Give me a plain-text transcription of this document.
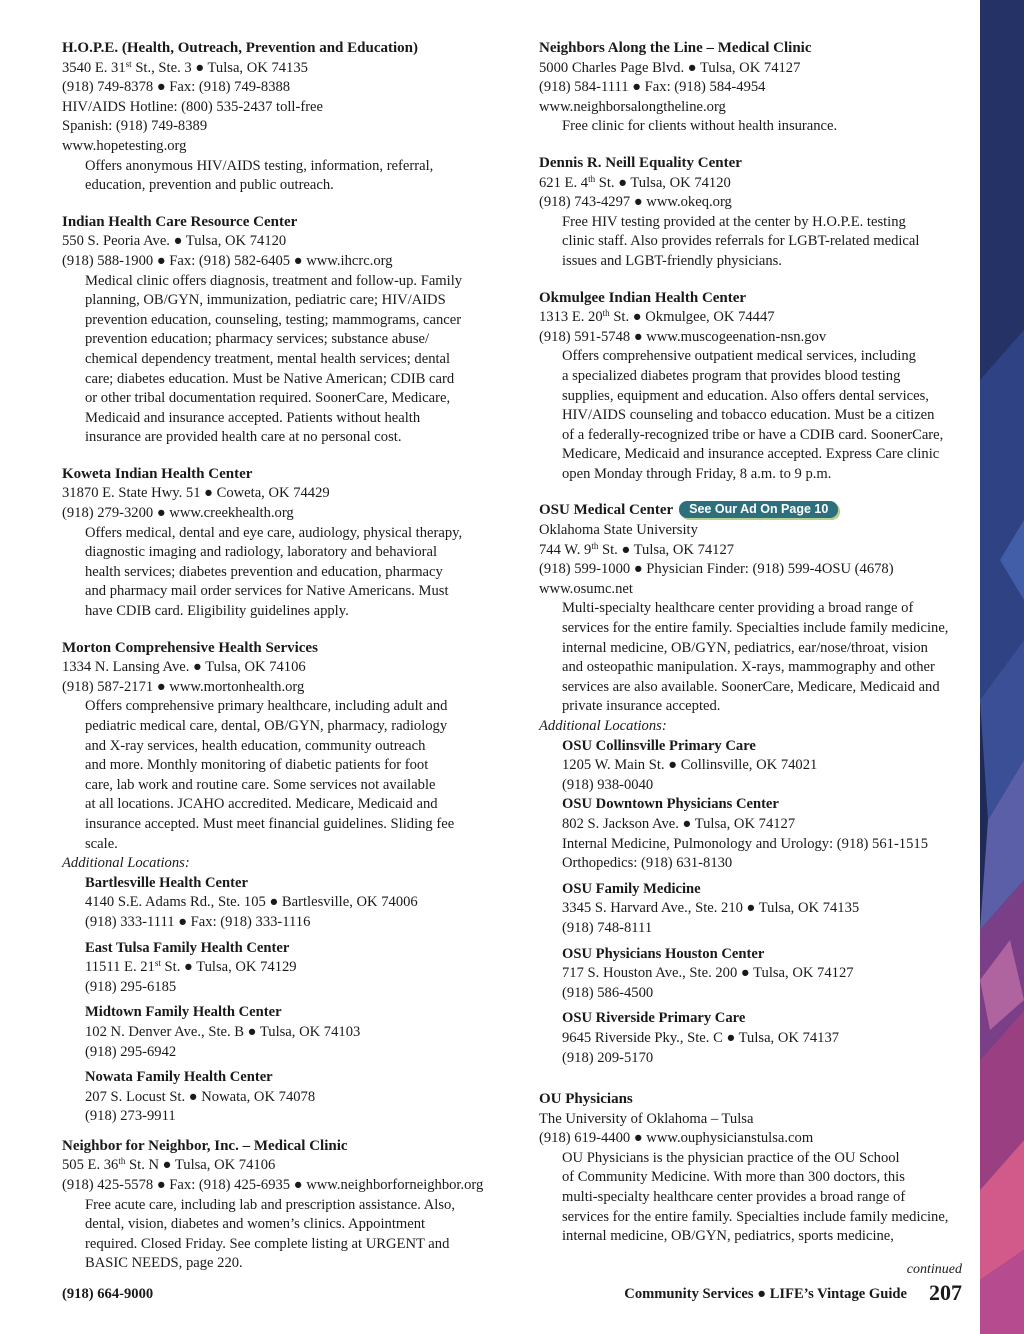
H.O.P.E. (Health, Outreach, Prevention and Education)
3540 E. 31st St., Ste. 3 ● Tulsa, OK 74135
(918) 749-8378 ● Fax: (918) 749-8388
HIV/AIDS Hotline: (800) 535-2437 toll-free
Spanish: (918) 749-8389
www.hopetesting.org
Offers anonymous HIV/AIDS testing, information, referral,
education, prevention and public outreach.
Indian Health Care Resource Center
550 S. Peoria Ave. ● Tulsa, OK 74120
(918) 588-1900 ● Fax: (918) 582-6405 ● www.ihcrc.org
Medical clinic offers diagnosis, treatment and follow-up. Family
planning, OB/GYN, immunization, pediatric care; HIV/AIDS
prevention education, counseling, testing; mammograms, cancer
prevention education; pharmacy services; substance abuse/
chemical dependency treatment, mental health services; dental
care; diabetes education. Must be Native American; CDIB card
or other tribal documentation required. SoonerCare, Medicare,
Medicaid and insurance accepted. Patients without health
insurance are provided health care at no personal cost.
Koweta Indian Health Center
31870 E. State Hwy. 51 ● Coweta, OK 74429
(918) 279-3200 ● www.creekhealth.org
Offers medical, dental and eye care, audiology, physical therapy,
diagnostic imaging and radiology, laboratory and behavioral
health services; diabetes prevention and education, pharmacy
and pharmacy mail order services for Native Americans. Must
have CDIB card. Eligibility guidelines apply.
Morton Comprehensive Health Services
1334 N. Lansing Ave. ● Tulsa, OK 74106
(918) 587-2171 ● www.mortonhealth.org
Offers comprehensive primary healthcare, including adult and
pediatric medical care, dental, OB/GYN, pharmacy, radiology
and X-ray services, health education, community outreach
and more. Monthly monitoring of diabetic patients for foot
care, lab work and routine care. Some services not available
at all locations. JCAHO accredited. Medicare, Medicaid and
insurance accepted. Must meet financial guidelines. Sliding fee
scale.
Additional Locations:
Bartlesville Health Center
4140 S.E. Adams Rd., Ste. 105 ● Bartlesville, OK 74006
(918) 333-1111 ● Fax: (918) 333-1116
East Tulsa Family Health Center
11511 E. 21st St. ● Tulsa, OK 74129
(918) 295-6185
Midtown Family Health Center
102 N. Denver Ave., Ste. B ● Tulsa, OK 74103
(918) 295-6942
Nowata Family Health Center
207 S. Locust St. ● Nowata, OK 74078
(918) 273-9911
Neighbor for Neighbor, Inc. – Medical Clinic
505 E. 36th St. N ● Tulsa, OK 74106
(918) 425-5578 ● Fax: (918) 425-6935 ● www.neighborforneighbor.org
Free acute care, including lab and prescription assistance. Also,
dental, vision, diabetes and women’s clinics. Appointment
required. Closed Friday. See complete listing at URGENT and
BASIC NEEDS, page 220.
Neighbors Along the Line – Medical Clinic
5000 Charles Page Blvd. ● Tulsa, OK 74127
(918) 584-1111 ● Fax: (918) 584-4954
www.neighborsalongtheline.org
Free clinic for clients without health insurance.
Dennis R. Neill Equality Center
621 E. 4th St. ● Tulsa, OK 74120
(918) 743-4297 ● www.okeq.org
Free HIV testing provided at the center by H.O.P.E. testing
clinic staff. Also provides referrals for LGBT-related medical
issues and LGBT-friendly physicians.
Okmulgee Indian Health Center
1313 E. 20th St. ● Okmulgee, OK 74447
(918) 591-5748 ● www.muscogeenation-nsn.gov
Offers comprehensive outpatient medical services, including
a specialized diabetes program that provides blood testing
supplies, equipment and education. Also offers dental services,
HIV/AIDS counseling and tobacco education. Must be a citizen
of a federally-recognized tribe or have a CDIB card. SoonerCare,
Medicare, Medicaid and insurance accepted. Express Care clinic
open Monday through Friday, 8 a.m. to 9 p.m.
OSU Medical Center See Our Ad On Page 10
Oklahoma State University
744 W. 9th St. ● Tulsa, OK 74127
(918) 599-1000 ● Physician Finder: (918) 599-4OSU (4678)
www.osumc.net
Multi-specialty healthcare center providing a broad range of
services for the entire family. Specialties include family medicine,
internal medicine, OB/GYN, pediatrics, ear/nose/throat, vision
and osteopathic manipulation. X-rays, mammography and other
services are also available. SoonerCare, Medicare, Medicaid and
private insurance accepted.
Additional Locations:
OSU Collinsville Primary Care
1205 W. Main St. ● Collinsville, OK 74021
(918) 938-0040
OSU Downtown Physicians Center
802 S. Jackson Ave. ● Tulsa, OK 74127
Internal Medicine, Pulmonology and Urology: (918) 561-1515
Orthopedics: (918) 631-8130
OSU Family Medicine
3345 S. Harvard Ave., Ste. 210 ● Tulsa, OK 74135
(918) 748-8111
OSU Physicians Houston Center
717 S. Houston Ave., Ste. 200 ● Tulsa, OK 74127
(918) 586-4500
OSU Riverside Primary Care
9645 Riverside Pky., Ste. C ● Tulsa, OK 74137
(918) 209-5170
OU Physicians
The University of Oklahoma – Tulsa
(918) 619-4400 ● www.ouphysicianstulsa.com
OU Physicians is the physician practice of the OU School
of Community Medicine. With more than 300 doctors, this
multi-specialty healthcare center provides a broad range of
services for the entire family. Specialties include family medicine,
internal medicine, OB/GYN, pediatrics, sports medicine,
(918) 664-9000
continued
Community Services ● LIFE’s Vintage Guide 207
